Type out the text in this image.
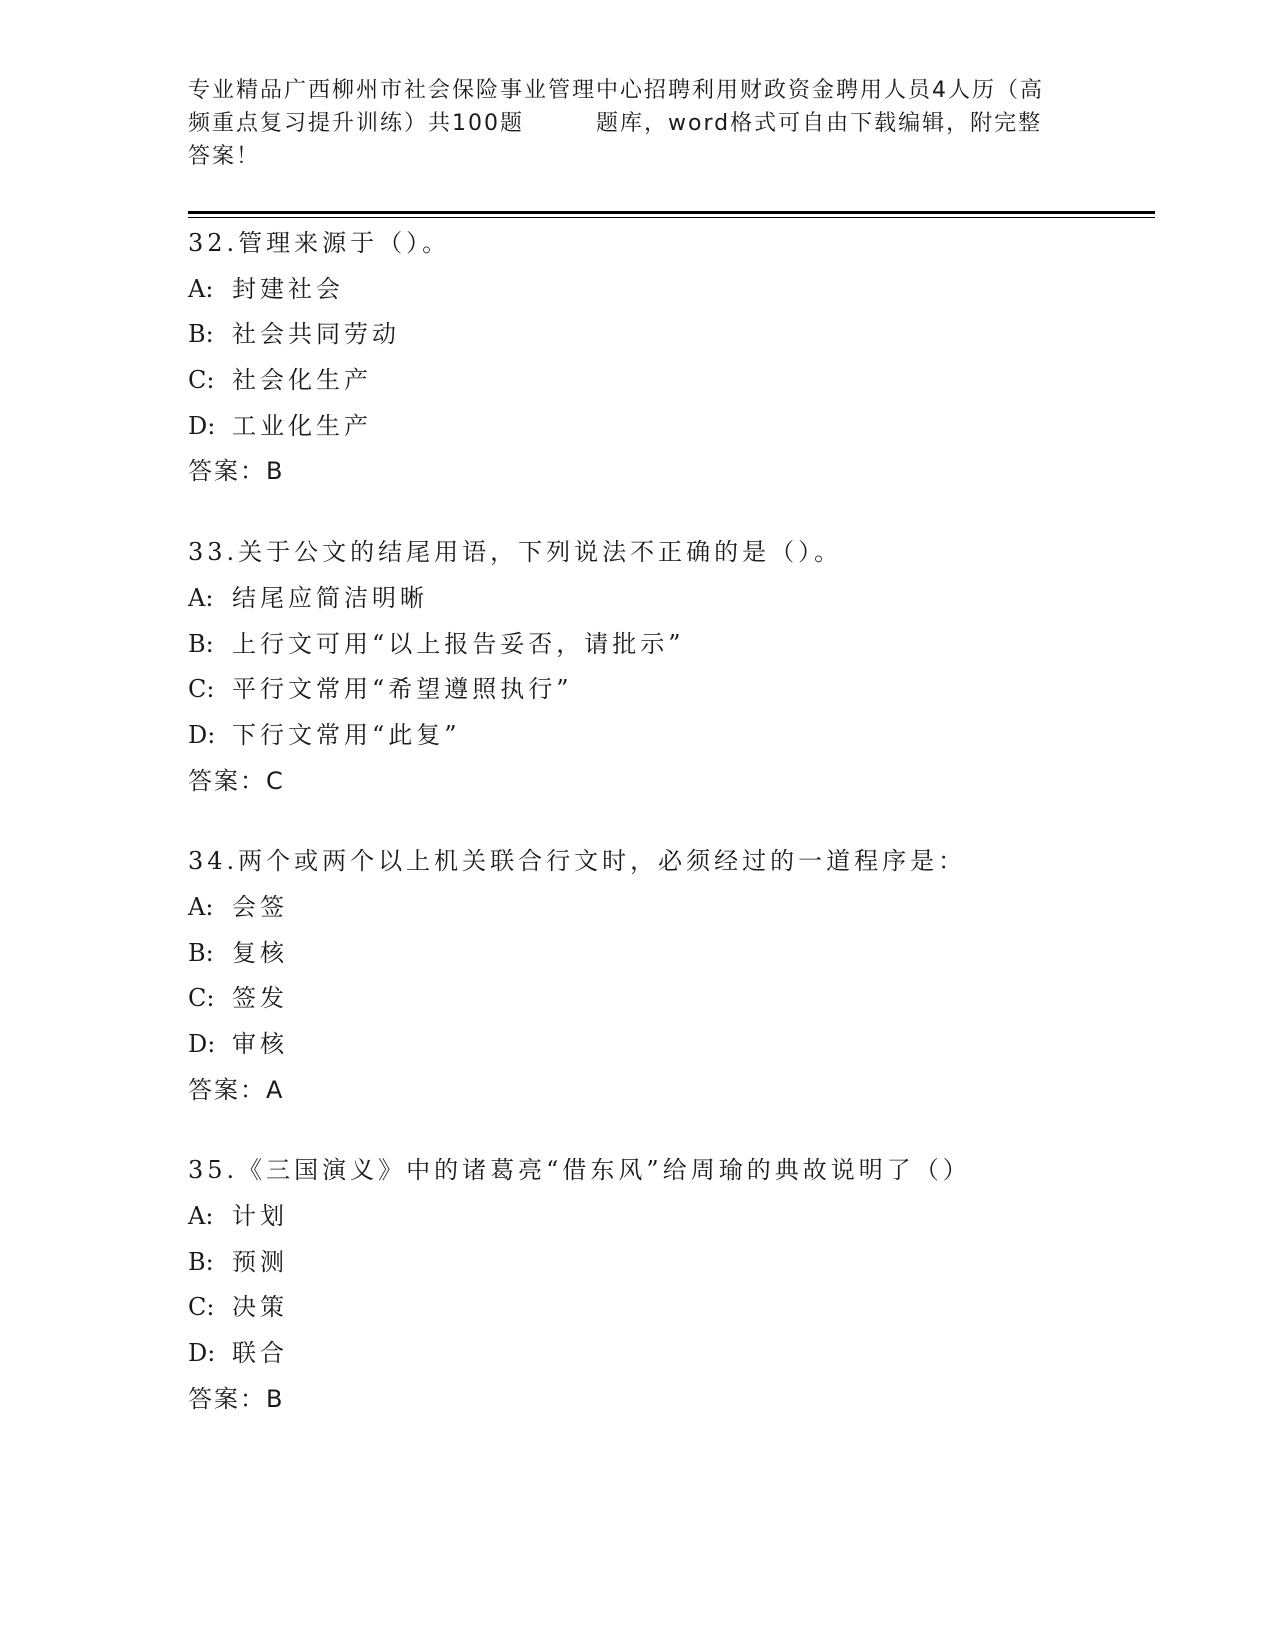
专业精品广西柳州市社会保险事业管理中心招聘利用财政资金聘用人员4人历（高
频重点复习提升训练）共100题	题库，word格式可自由下载编辑，附完整
答案！
32.管理来源于（）。
A: 封建社会
B: 社会共同劳动
C: 社会化生产
D: 工业化生产
答案：B
33.关于公文的结尾用语，下列说法不正确的是（）。
A: 结尾应简洁明晰
B: 上行文可用“以上报告妥否，请批示”
C: 平行文常用“希望遵照执行”
D: 下行文常用“此复”
答案：C
34.两个或两个以上机关联合行文时，必须经过的一道程序是：
A: 会签
B: 复核
C: 签发
D: 审核
答案：A
35.《三国演义》中的诸葛亮“借东风”给周瑜的典故说明了（）
A: 计划
B: 预测
C: 决策
D: 联合
答案：B
